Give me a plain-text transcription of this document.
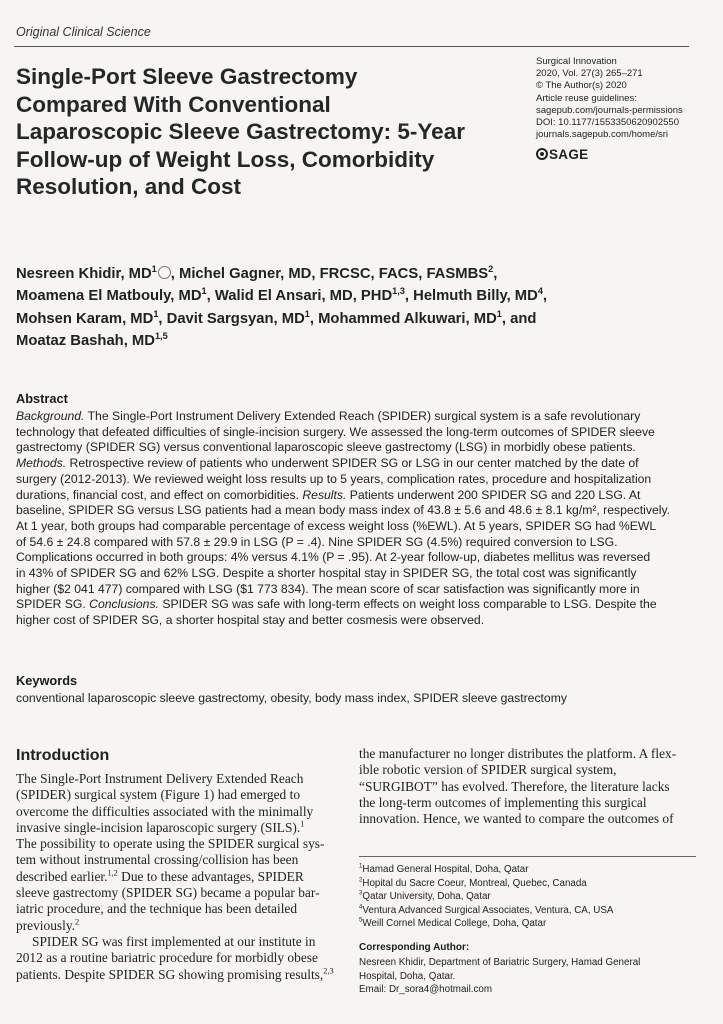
Original Clinical Science
Single-Port Sleeve Gastrectomy
Compared With Conventional
Laparoscopic Sleeve Gastrectomy: 5-Year
Follow-up of Weight Loss, Comorbidity
Resolution, and Cost
Surgical Innovation
2020, Vol. 27(3) 265–271
© The Author(s) 2020
Article reuse guidelines:
sagepub.com/journals-permissions
DOI: 10.1177/1553350620902550
journals.sagepub.com/home/sri
SAGE
Nesreen Khidir, $MD^1$ , Michel Gagner, MD, FRCSC, FACS, FASMBS$^2$,
Moamena El Matbouly, $MD^1$, Walid El Ansari, MD, PHD$^{1,3}$, Helmuth Billy, $MD^4$,
Mohsen Karam, $MD^1$, Davit Sargsyan, $MD^1$, Mohammed Alkuwari, $MD^1$, and
Moataz Bashah, MD$^{1,5}$
Abstract
Background. The Single-Port Instrument Delivery Extended Reach (SPIDER) surgical system is a safe revolutionary
technology that defeated difficulties of single-incision surgery. We assessed the long-term outcomes of SPIDER sleeve
gastrectomy (SPIDER SG) versus conventional laparoscopic sleeve gastrectomy (LSG) in morbidly obese patients.
Methods. Retrospective review of patients who underwent SPIDER SG or LSG in our center matched by the date of
surgery (2012-2013). We reviewed weight loss results up to 5 years, complication rates, procedure and hospitalization
durations, financial cost, and effect on comorbidities. Results. Patients underwent 200 SPIDER SG and 220 LSG. At
baseline, SPIDER SG versus LSG patients had a mean body mass index of 43.8 ± 5.6 and 48.6 ± 8.1 kg/m², respectively.
At 1 year, both groups had comparable percentage of excess weight loss (%EWL). At 5 years, SPIDER SG had %EWL
of 54.6 ± 24.8 compared with 57.8 ± 29.9 in LSG (P = .4). Nine SPIDER SG (4.5%) required conversion to LSG.
Complications occurred in both groups: 4% versus 4.1% (P = .95). At 2-year follow-up, diabetes mellitus was reversed
in 43% of SPIDER SG and 62% LSG. Despite a shorter hospital stay in SPIDER SG, the total cost was significantly
higher ($2 041 477) compared with LSG ($1 773 834). The mean score of scar satisfaction was significantly more in
SPIDER SG. Conclusions. SPIDER SG was safe with long-term effects on weight loss comparable to LSG. Despite the
higher cost of SPIDER SG, a shorter hospital stay and better cosmesis were observed.
Keywords
conventional laparoscopic sleeve gastrectomy, obesity, body mass index, SPIDER sleeve gastrectomy
Introduction
The Single-Port Instrument Delivery Extended Reach
(SPIDER) surgical system (Figure 1) had emerged to
overcome the difficulties associated with the minimally
invasive single-incision laparoscopic surgery (SILS).$^1$
The possibility to operate using the SPIDER surgical sys-
tem without instrumental crossing/collision has been
described earlier.$^{1,2}$ Due to these advantages, SPIDER
sleeve gastrectomy (SPIDER SG) became a popular bar-
iatric procedure, and the technique has been detailed
previously.$^2$
SPIDER SG was first implemented at our institute in
2012 as a routine bariatric procedure for morbidly obese
patients. Despite SPIDER SG showing promising results,$^{2,3}$
the manufacturer no longer distributes the platform. A flex-
ible robotic version of SPIDER surgical system,
“SURGIBOT” has evolved. Therefore, the literature lacks
the long-term outcomes of implementing this surgical
innovation. Hence, we wanted to compare the outcomes of
$^1$Hamad General Hospital, Doha, Qatar
$^2$Hopital du Sacre Coeur, Montreal, Quebec, Canada
$^3$Qatar University, Doha, Qatar
$^4$Ventura Advanced Surgical Associates, Ventura, CA, USA
$^5$Weill Cornel Medical College, Doha, Qatar
Corresponding Author:
Nesreen Khidir, Department of Bariatric Surgery, Hamad General
Hospital, Doha, Qatar.
Email: Dr_sora4@hotmail.com
